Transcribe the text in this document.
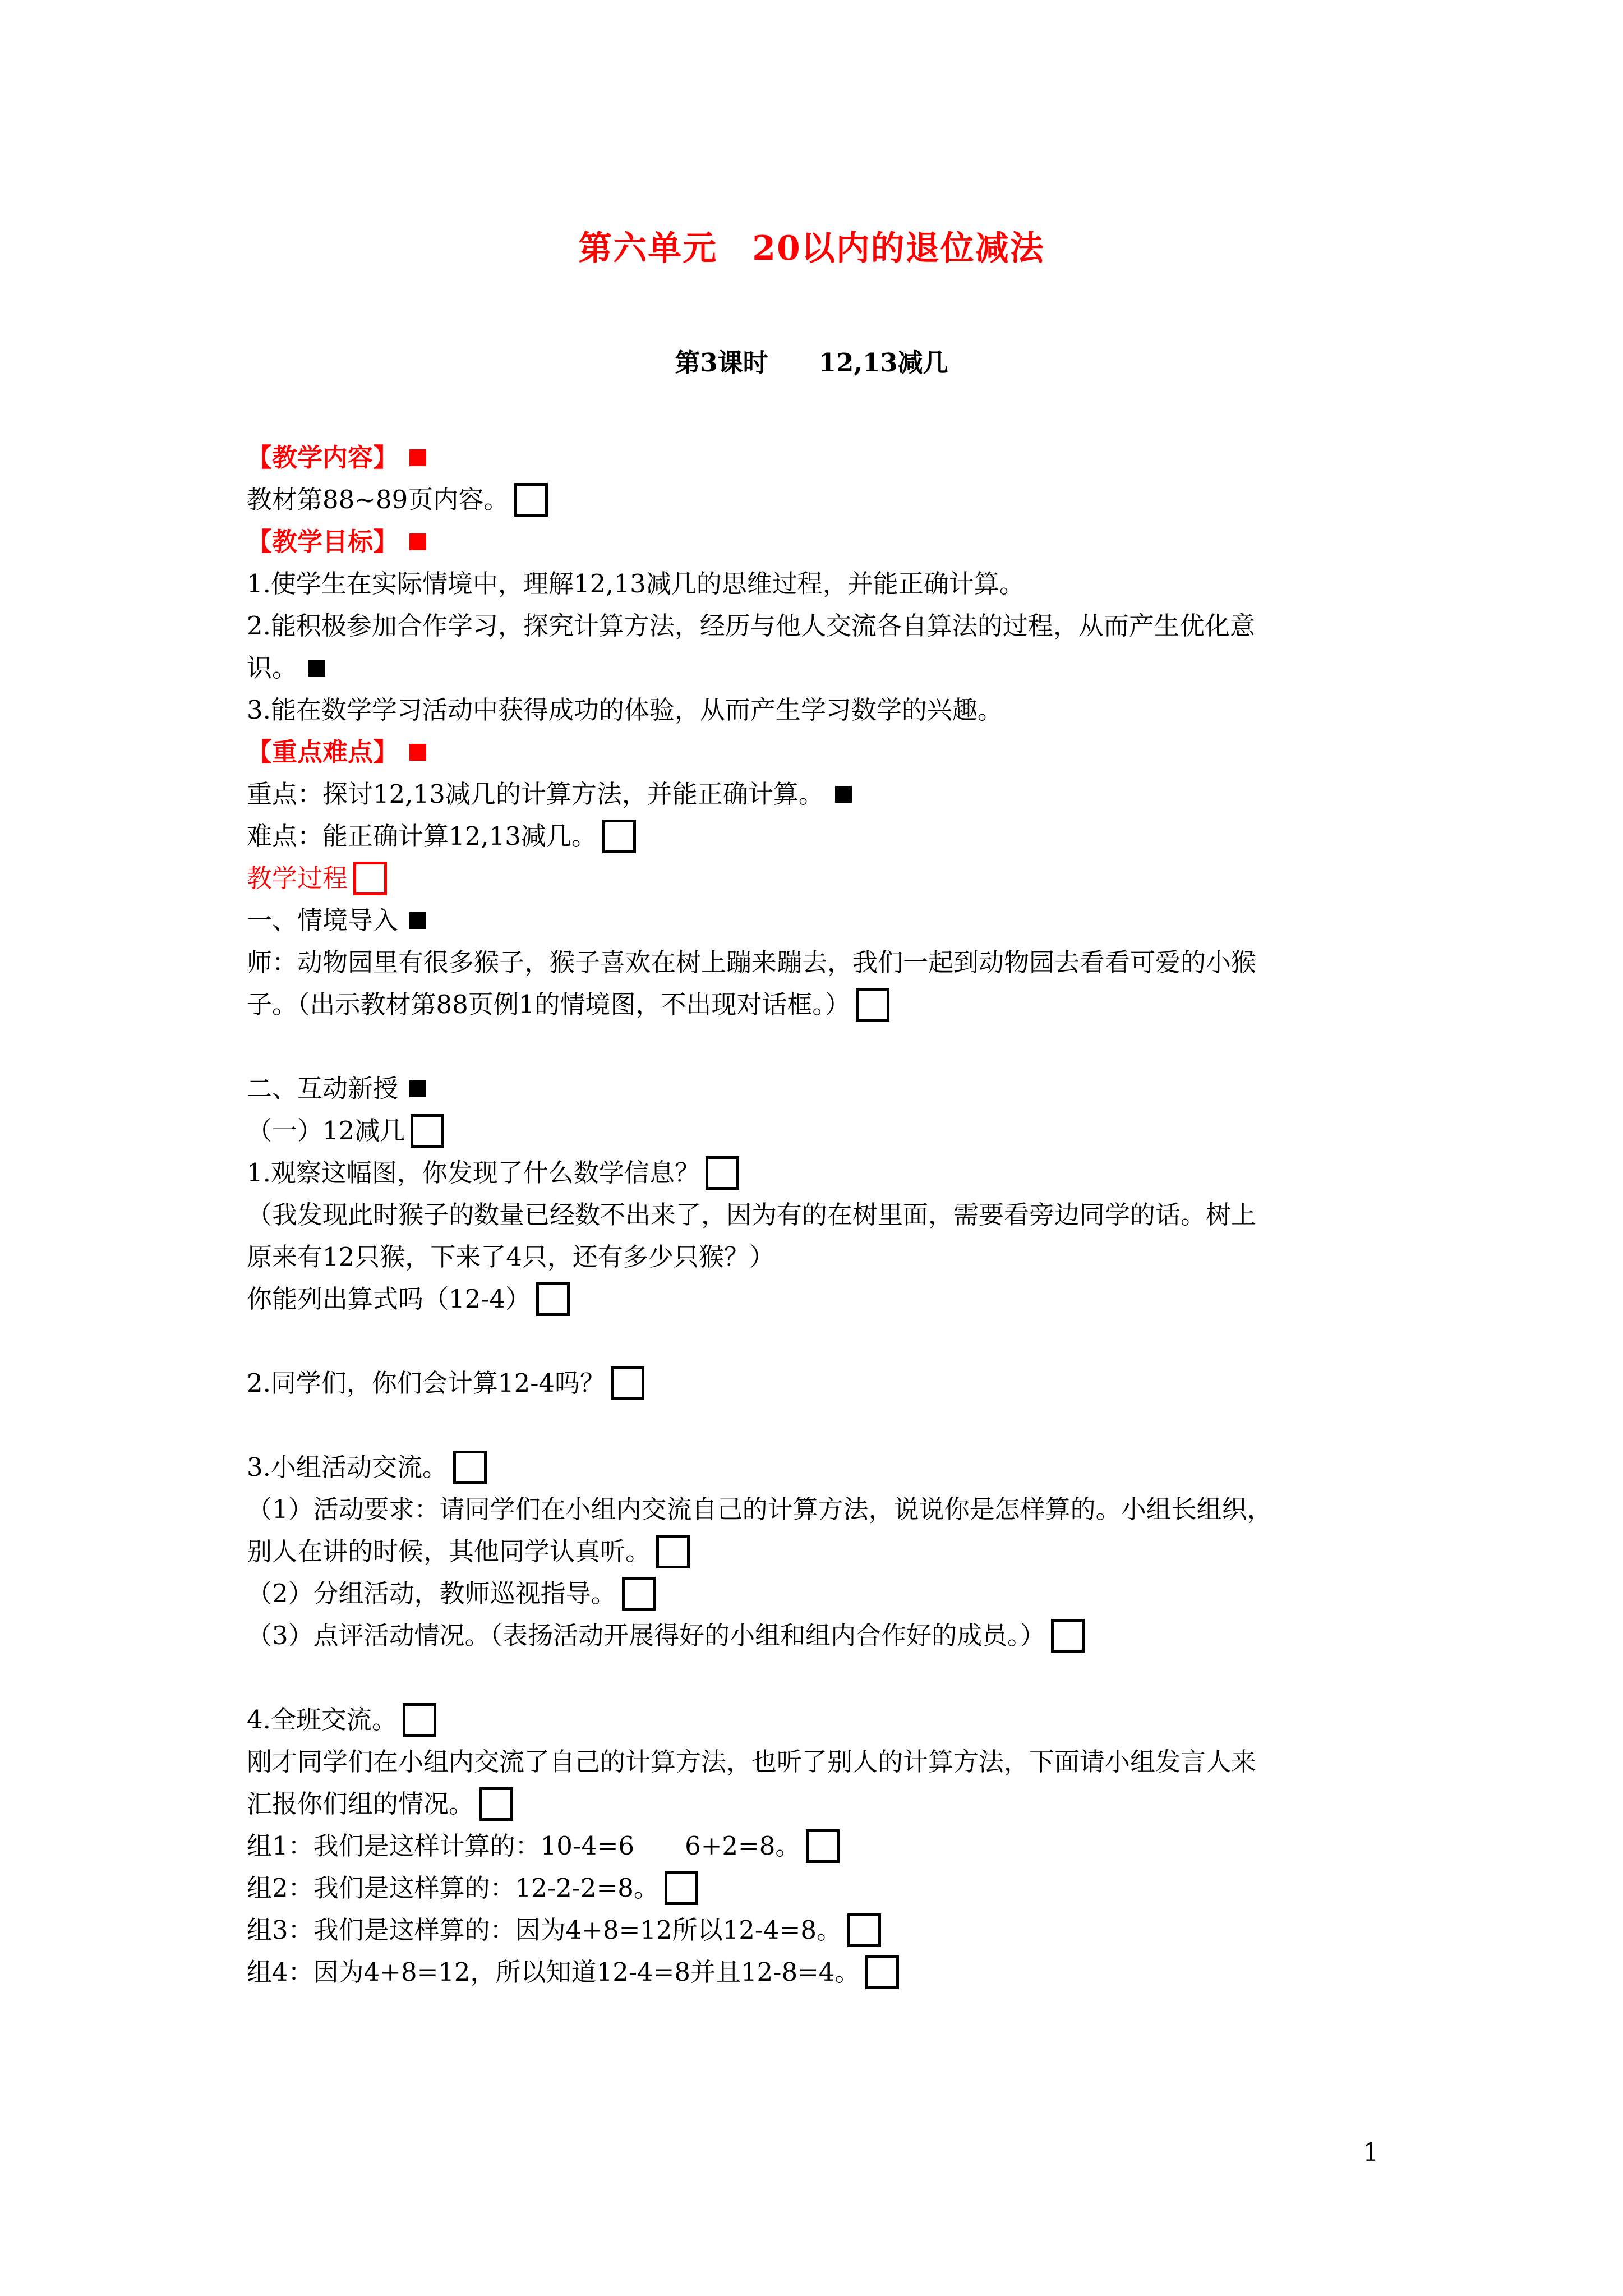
第六单元　20以内的退位减法
第3课时　　12,13减几
【教学内容】
教材第88~89页内容。
【教学目标】
1.使学生在实际情境中，理解12,13减几的思维过程，并能正确计算。
2.能积极参加合作学习，探究计算方法，经历与他人交流各自算法的过程，从而产生优化意
识。
3.能在数学学习活动中获得成功的体验，从而产生学习数学的兴趣。
【重点难点】
重点：探讨12,13减几的计算方法，并能正确计算。
难点：能正确计算12,13减几。
教学过程
一、情境导入
师：动物园里有很多猴子，猴子喜欢在树上蹦来蹦去，我们一起到动物园去看看可爱的小猴
子。（出示教材第88页例1的情境图，不出现对话框。）
二、互动新授
（一）12减几
1.观察这幅图，你发现了什么数学信息？
（我发现此时猴子的数量已经数不出来了，因为有的在树里面，需要看旁边同学的话。树上
原来有12只猴，下来了4只，还有多少只猴？）
你能列出算式吗（12-4）
2.同学们，你们会计算12-4吗？
3.小组活动交流。
（1）活动要求：请同学们在小组内交流自己的计算方法，说说你是怎样算的。小组长组织，
别人在讲的时候，其他同学认真听。
（2）分组活动，教师巡视指导。
（3）点评活动情况。（表扬活动开展得好的小组和组内合作好的成员。）
4.全班交流。
刚才同学们在小组内交流了自己的计算方法，也听了别人的计算方法，下面请小组发言人来
汇报你们组的情况。
组1：我们是这样计算的：10-4=6　　6+2=8。
组2：我们是这样算的：12-2-2=8。
组3：我们是这样算的：因为4+8=12所以12-4=8。
组4：因为4+8=12，所以知道12-4=8并且12-8=4。
1
